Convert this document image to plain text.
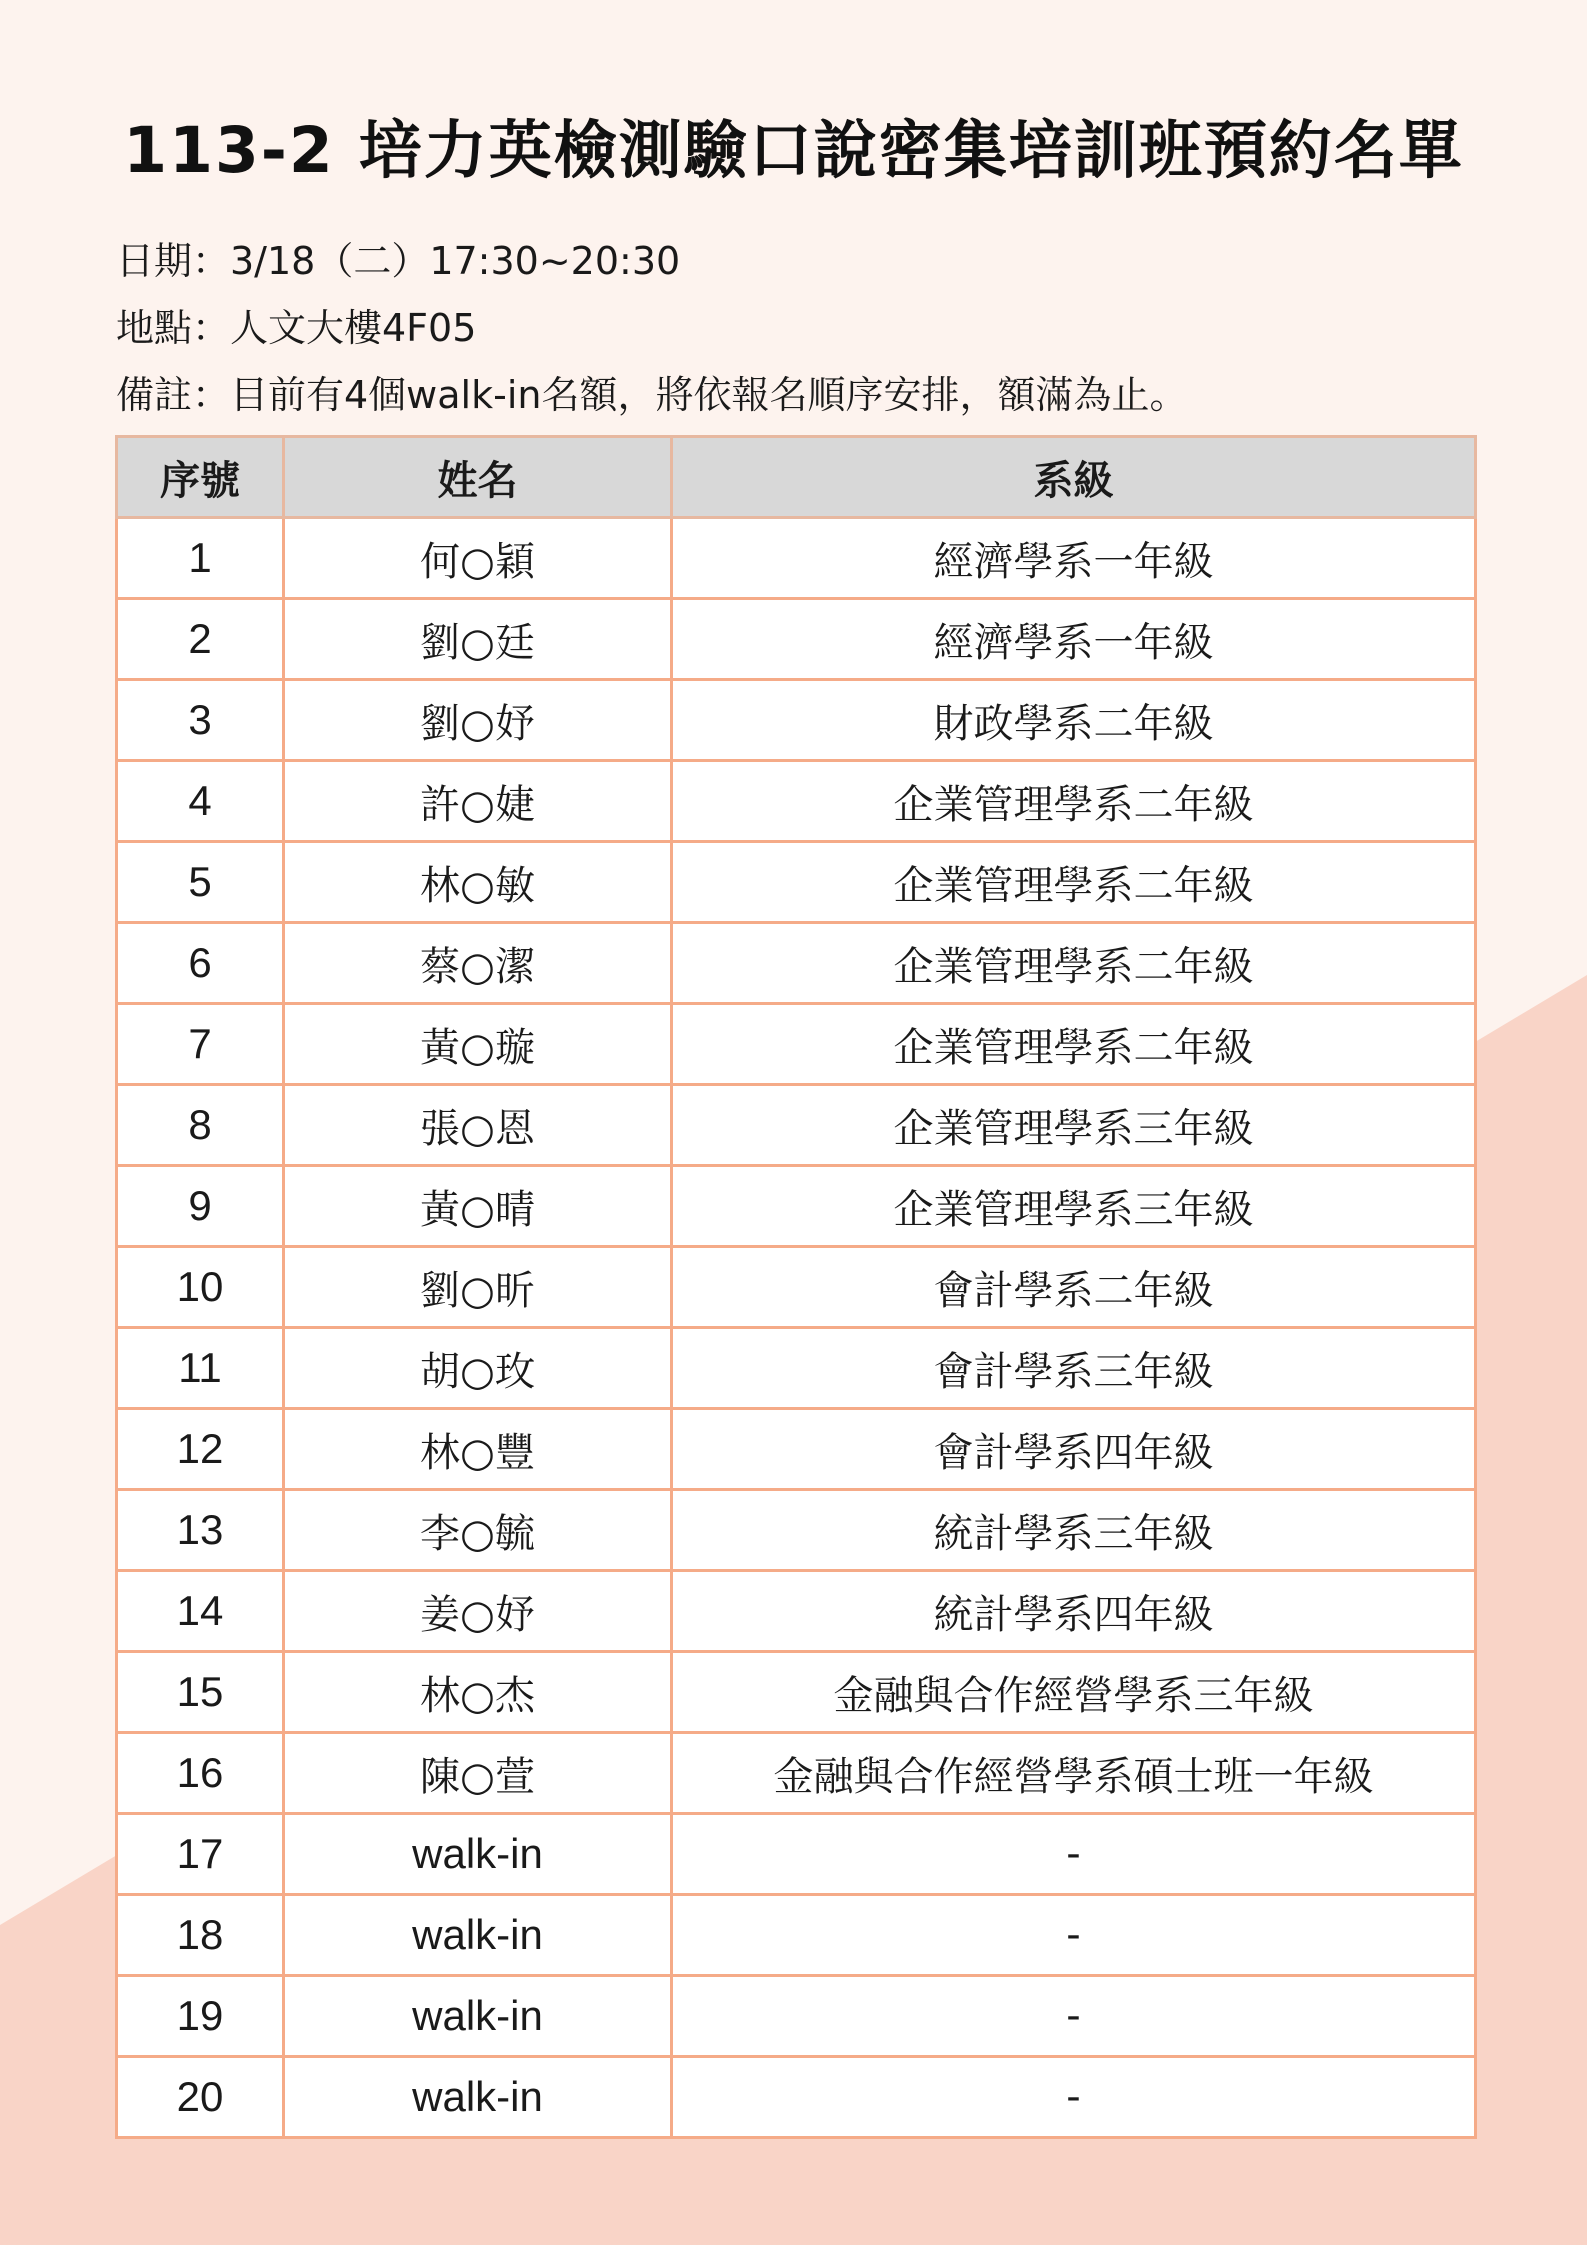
113-2 培力英檢測驗口說密集培訓班預約名單
日期：3/18（二）17:30~20:30
地點：人文大樓4F05
備註：目前有4個walk-in名額，將依報名順序安排，額滿為止。
序號	姓名	系級
1	何○穎	經濟學系一年級
2	劉○廷	經濟學系一年級
3	劉○妤	財政學系二年級
4	許○婕	企業管理學系二年級
5	林○敏	企業管理學系二年級
6	蔡○潔	企業管理學系二年級
7	黃○璇	企業管理學系二年級
8	張○恩	企業管理學系三年級
9	黃○晴	企業管理學系三年級
10	劉○昕	會計學系二年級
11	胡○玫	會計學系三年級
12	林○豐	會計學系四年級
13	李○毓	統計學系三年級
14	姜○妤	統計學系四年級
15	林○杰	金融與合作經營學系三年級
16	陳○萱	金融與合作經營學系碩士班一年級
17	walk-in	-
18	walk-in	-
19	walk-in	-
20	walk-in	-
